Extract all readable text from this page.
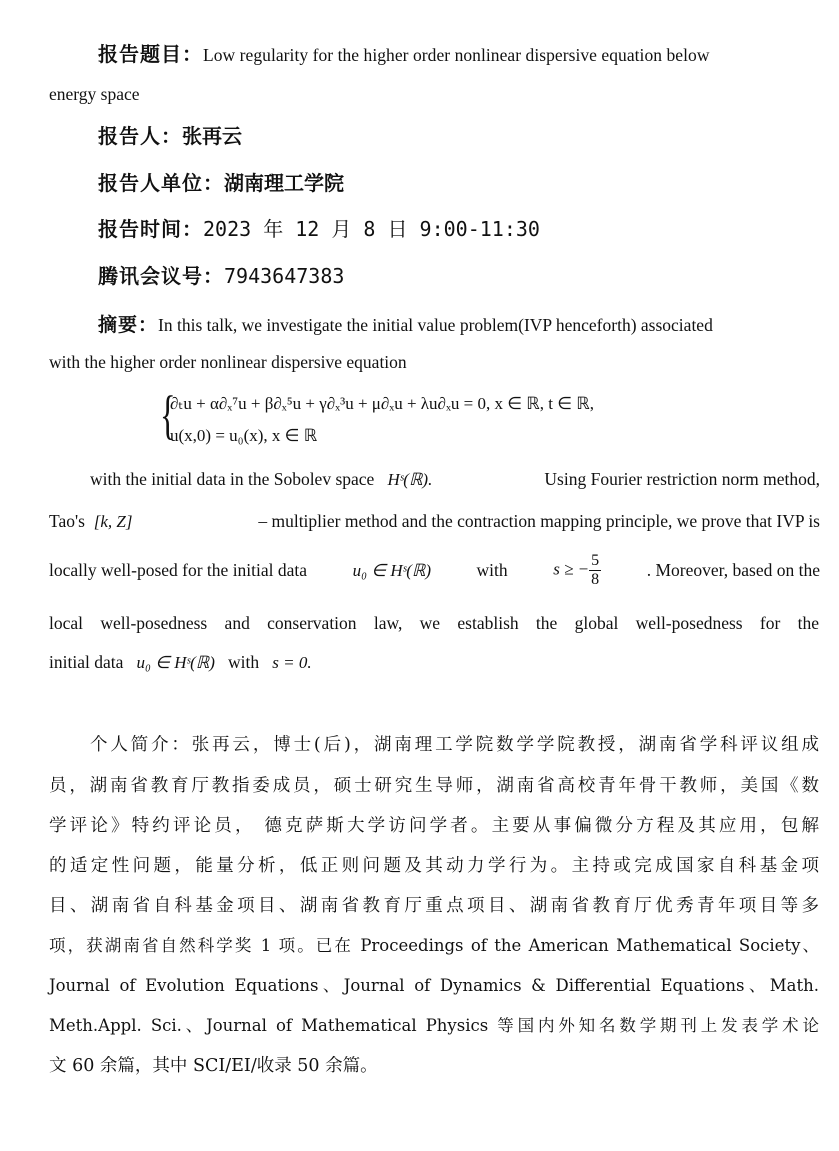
报告题目：Low regularity for the higher order nonlinear dispersive equation below
energy space
报告人：张再云
报告人单位：湖南理工学院
报告时间：2023 年 12 月 8 日 9:00-11:30
腾讯会议号：7943647383
摘要：In this talk, we investigate the initial value problem(IVP henceforth) associated
with the higher order nonlinear dispersive equation
{
∂ₜu + α∂ₓ⁷u + β∂ₓ⁵u + γ∂ₓ³u + μ∂ₓu + λu∂ₓu = 0, x ∈ ℝ, t ∈ ℝ,
u(x,0) = u₀(x), x ∈ ℝ
with the initial data in the Sobolev space Hˢ(ℝ).	Using Fourier restriction norm method,
Tao's [k, Z]	– multiplier method and the contraction mapping principle, we prove that IVP is
locally well-posed for the initial data	u₀ ∈ Hˢ(ℝ)	with	s ≥ − $\frac{5}{8}$	. Moreover, based on the
local well-posedness and conservation law, we establish the global well-posedness for the
initial data u₀ ∈ Hˢ(ℝ) with s = 0.
个人简介：张再云，博士(后)，湖南理工学院数学学院教授，湖南省学科评议组成
员，湖南省教育厅教指委成员，硕士研究生导师，湖南省高校青年骨干教师，美国《数
学评论》特约评论员， 德克萨斯大学访问学者。主要从事偏微分方程及其应用，包解
的适定性问题，能量分析，低正则问题及其动力学行为。主持或完成国家自科基金项
目、湖南省自科基金项目、湖南省教育厅重点项目、湖南省教育厅优秀青年项目等多
项，获湖南省自然科学奖 1 项。已在 Proceedings of the American Mathematical Society、
Journal of Evolution Equations、Journal of Dynamics & Differential Equations、Math.
Meth.Appl. Sci.、Journal of Mathematical Physics 等国内外知名数学期刊上发表学术论
文 60 余篇，其中 SCI/EI/收录 50 余篇。
